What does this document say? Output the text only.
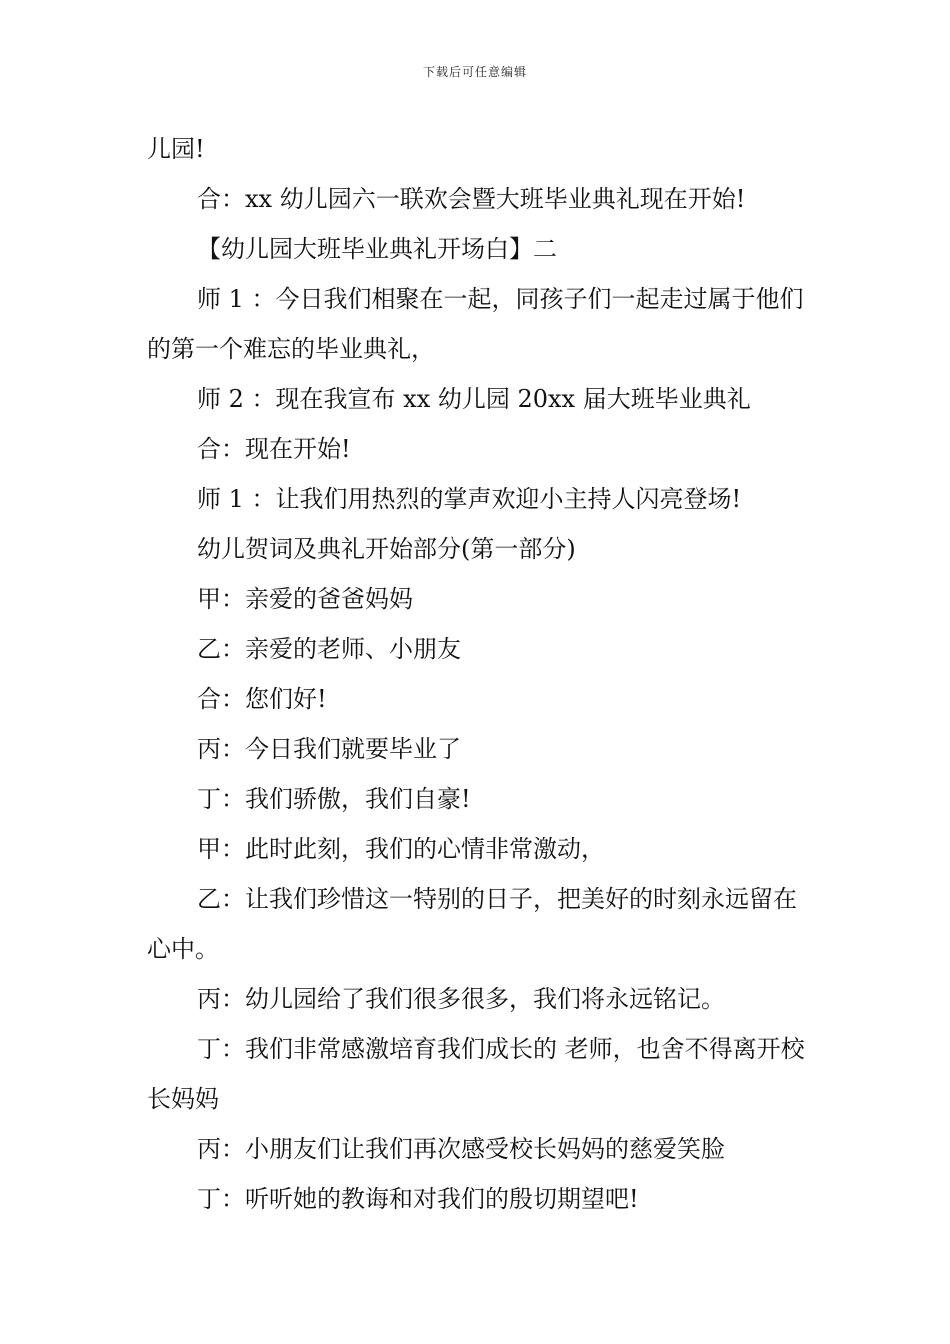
下载后可任意编辑

儿园!

合：xx 幼儿园六一联欢会暨大班毕业典礼现在开始!

【幼儿园大班毕业典礼开场白】二

师 1 ：今日我们相聚在一起，同孩子们一起走过属于他们的第一个难忘的毕业典礼，

师 2 ：现在我宣布 xx 幼儿园 20xx 届大班毕业典礼

合：现在开始!

师 1 ：让我们用热烈的掌声欢迎小主持人闪亮登场!

幼儿贺词及典礼开始部分(第一部分)

甲：亲爱的爸爸妈妈

乙：亲爱的老师、小朋友

合：您们好!

丙：今日我们就要毕业了

丁：我们骄傲，我们自豪!

甲：此时此刻，我们的心情非常激动，

乙：让我们珍惜这一特别的日子，把美好的时刻永远留在心中。

丙：幼儿园给了我们很多很多，我们将永远铭记。

丁：我们非常感激培育我们成长的 老师，也舍不得离开校长妈妈

丙：小朋友们让我们再次感受校长妈妈的慈爱笑脸

丁：听听她的教诲和对我们的殷切期望吧!
